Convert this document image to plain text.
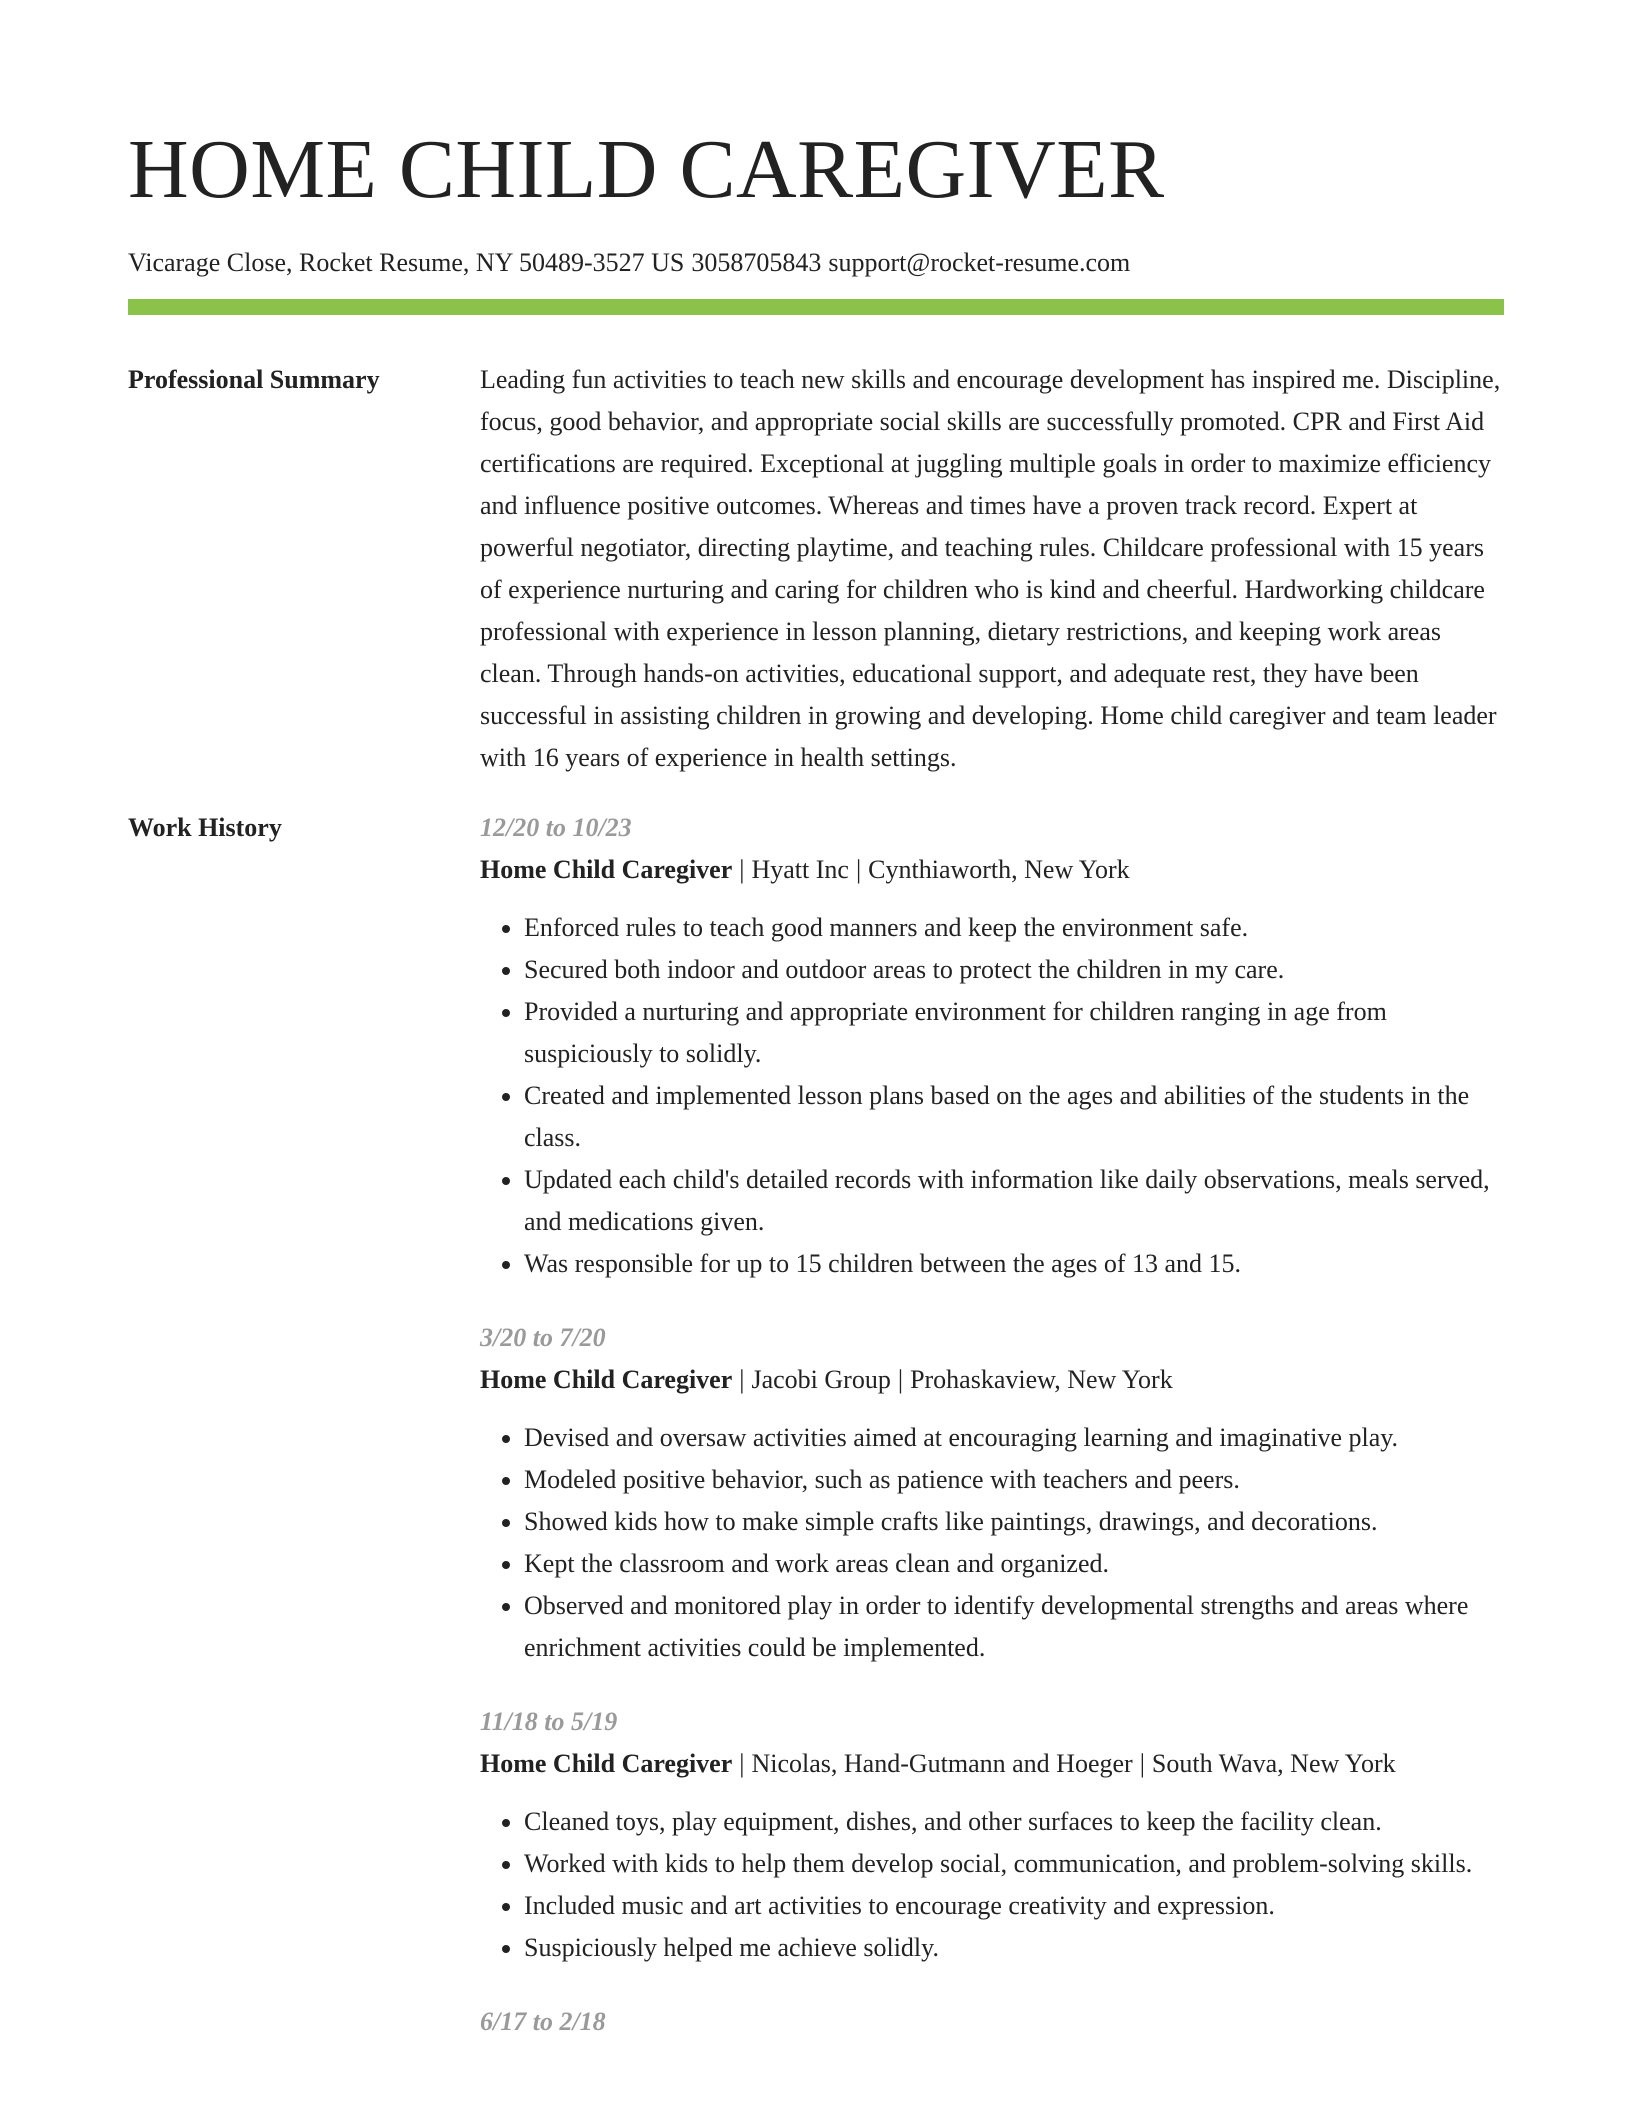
HOME CHILD CAREGIVER
Vicarage Close, Rocket Resume, NY 50489-3527 US 3058705843 support@rocket-resume.com
Professional Summary	Leading fun activities to teach new skills and encourage development has inspired me. Discipline, focus, good behavior, and appropriate social skills are successfully promoted. CPR and First Aid certifications are required. Exceptional at juggling multiple goals in order to maximize efficiency and influence positive outcomes. Whereas and times have a proven track record. Expert at powerful negotiator, directing playtime, and teaching rules. Childcare professional with 15 years of experience nurturing and caring for children who is kind and cheerful. Hardworking childcare professional with experience in lesson planning, dietary restrictions, and keeping work areas clean. Through hands-on activities, educational support, and adequate rest, they have been successful in assisting children in growing and developing. Home child caregiver and team leader with 16 years of experience in health settings.

Work History	12/20 to 10/23
Home Child Caregiver | Hyatt Inc | Cynthiaworth, New York
• Enforced rules to teach good manners and keep the environment safe.
• Secured both indoor and outdoor areas to protect the children in my care.
• Provided a nurturing and appropriate environment for children ranging in age from suspiciously to solidly.
• Created and implemented lesson plans based on the ages and abilities of the students in the class.
• Updated each child's detailed records with information like daily observations, meals served, and medications given.
• Was responsible for up to 15 children between the ages of 13 and 15.
3/20 to 7/20
Home Child Caregiver | Jacobi Group | Prohaskaview, New York
• Devised and oversaw activities aimed at encouraging learning and imaginative play.
• Modeled positive behavior, such as patience with teachers and peers.
• Showed kids how to make simple crafts like paintings, drawings, and decorations.
• Kept the classroom and work areas clean and organized.
• Observed and monitored play in order to identify developmental strengths and areas where enrichment activities could be implemented.
11/18 to 5/19
Home Child Caregiver | Nicolas, Hand-Gutmann and Hoeger | South Wava, New York
• Cleaned toys, play equipment, dishes, and other surfaces to keep the facility clean.
• Worked with kids to help them develop social, communication, and problem-solving skills.
• Included music and art activities to encourage creativity and expression.
• Suspiciously helped me achieve solidly.
6/17 to 2/18
